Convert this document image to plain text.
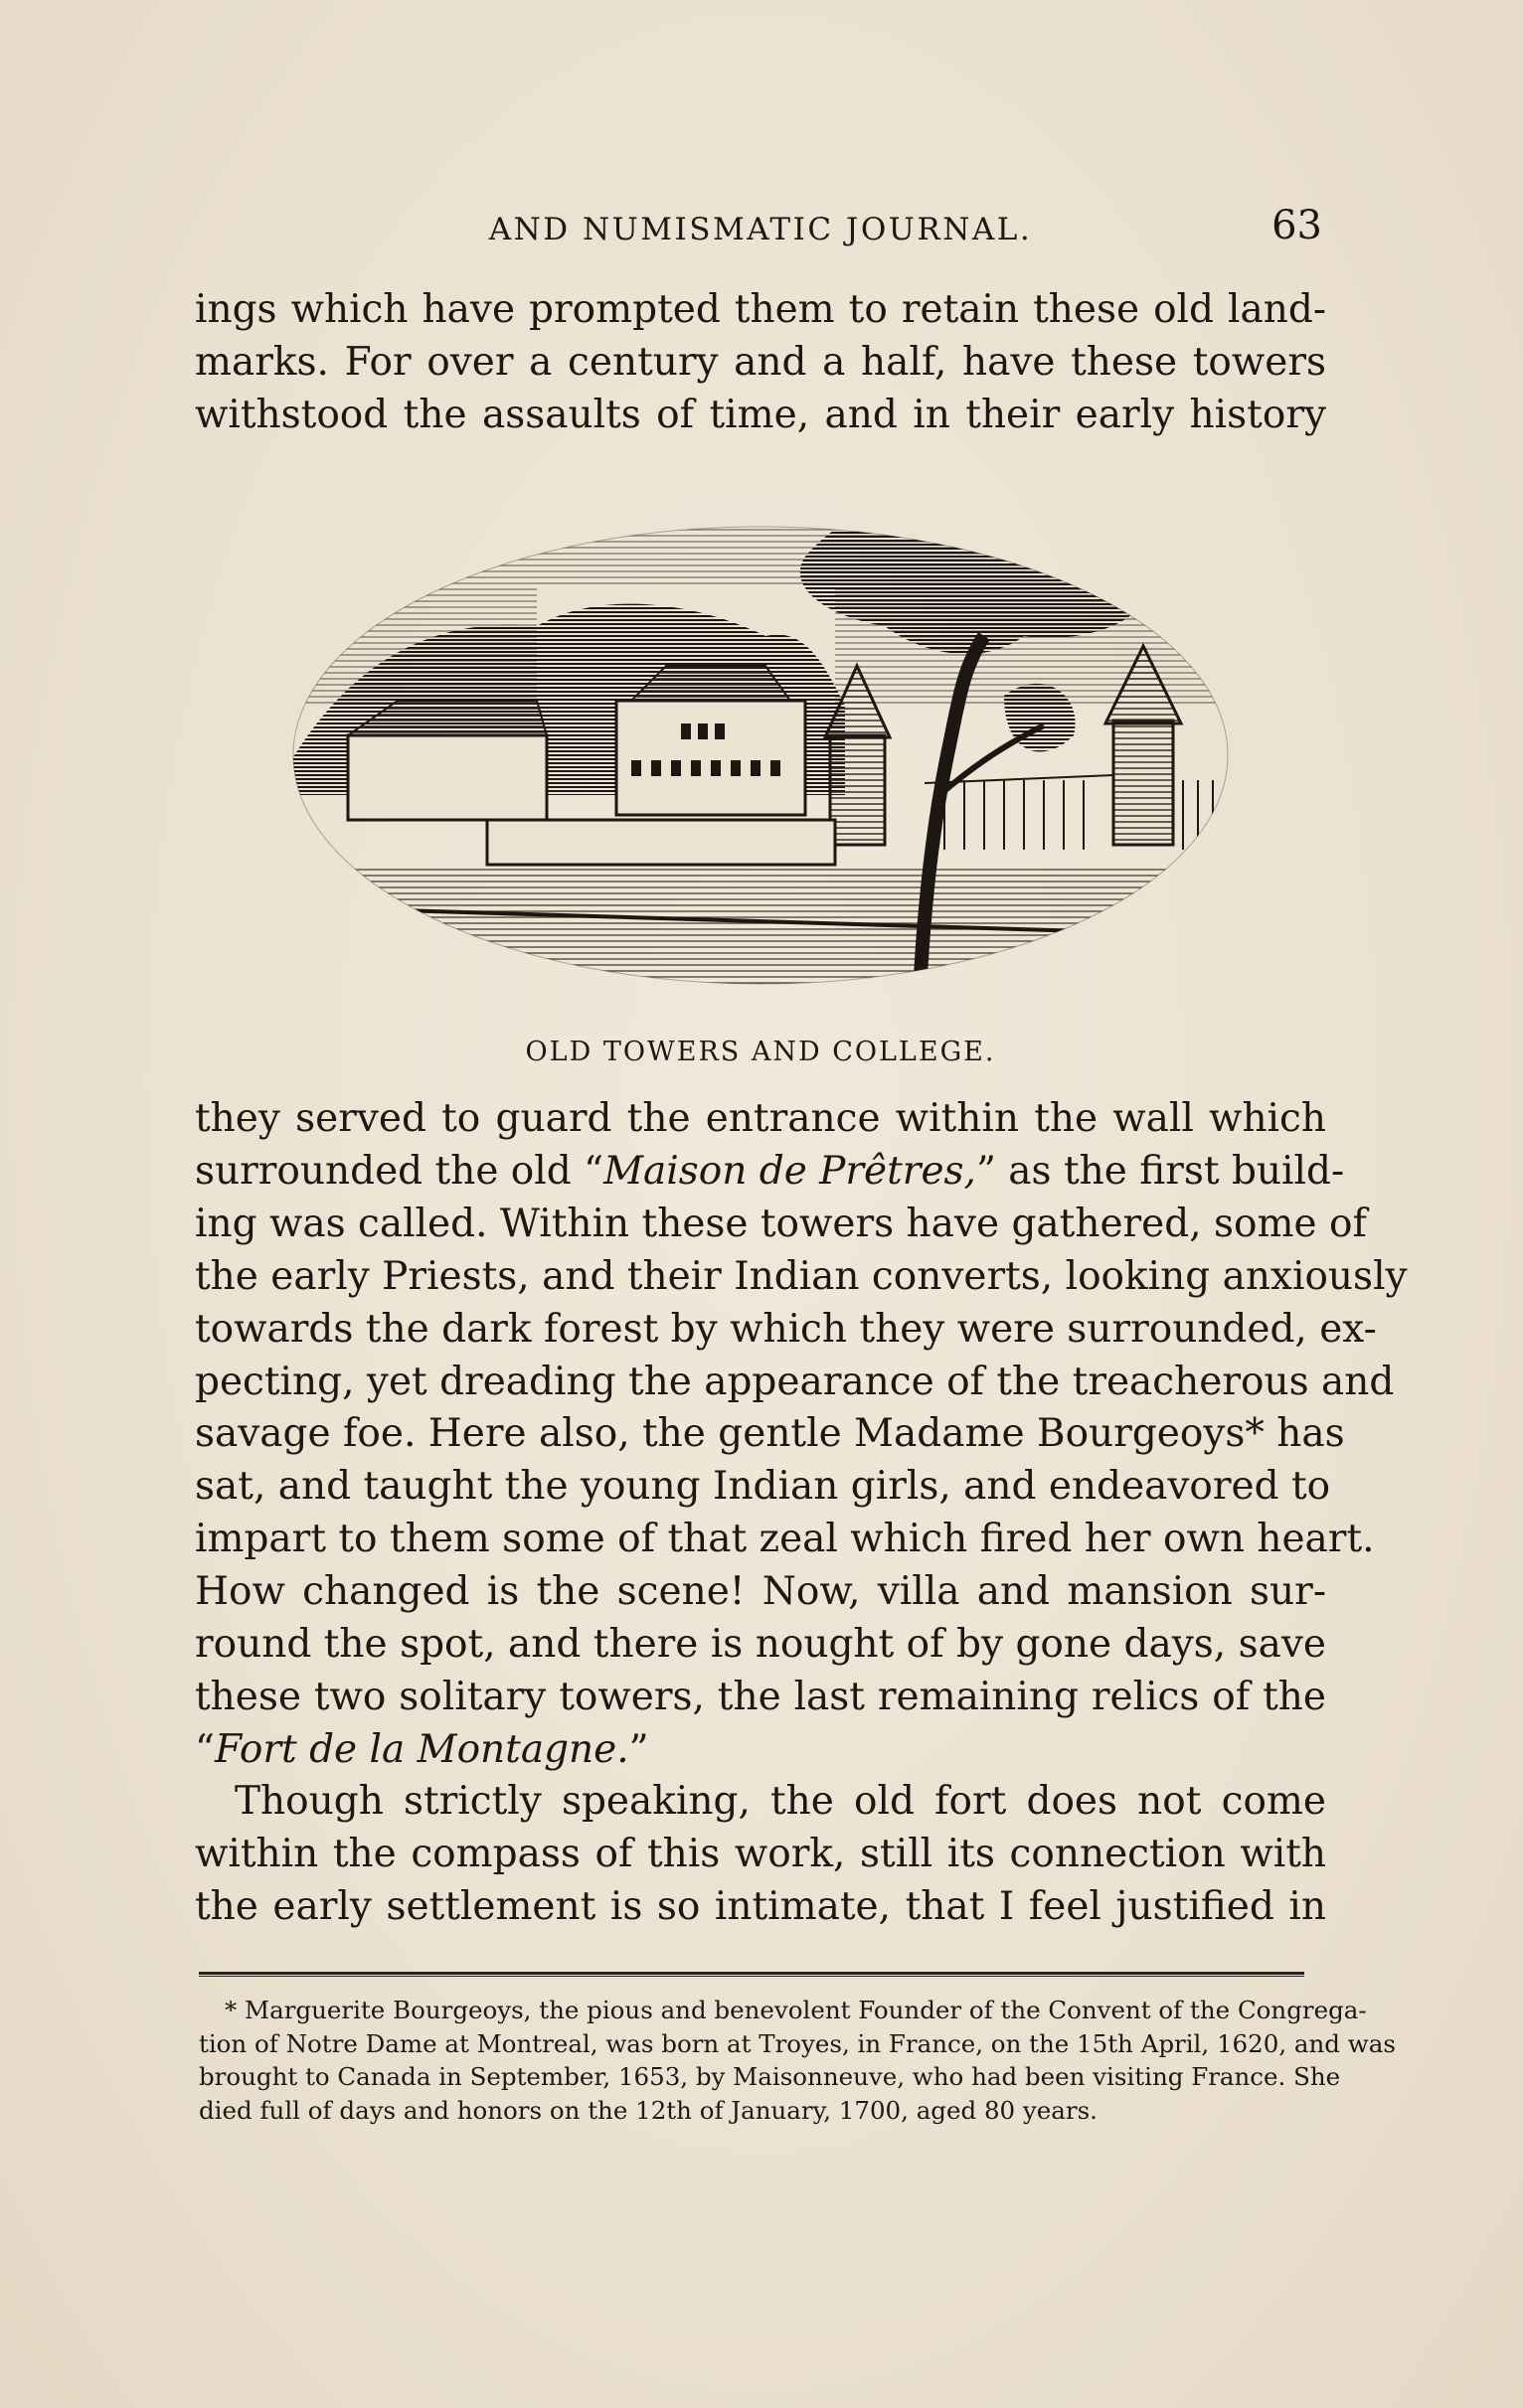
AND NUMISMATIC JOURNAL.	63
ings which have prompted them to retain these old land-
marks. For over a century and a half, have these towers
withstood the assaults of time, and in their early history
OLD TOWERS AND COLLEGE.
they served to guard the entrance within the wall which
surrounded the old “Maison de Prêtres,” as the first build-
ing was called. Within these towers have gathered, some of
the early Priests, and their Indian converts, looking anxiously
towards the dark forest by which they were surrounded, ex-
pecting, yet dreading the appearance of the treacherous and
savage foe. Here also, the gentle Madame Bourgeoys* has
sat, and taught the young Indian girls, and endeavored to
impart to them some of that zeal which fired her own heart.
How changed is the scene! Now, villa and mansion sur-
round the spot, and there is nought of by gone days, save
these two solitary towers, the last remaining relics of the
“Fort de la Montagne.”
Though strictly speaking, the old fort does not come
within the compass of this work, still its connection with
the early settlement is so intimate, that I feel justified in
* Marguerite Bourgeoys, the pious and benevolent Founder of the Convent of the Congrega-
tion of Notre Dame at Montreal, was born at Troyes, in France, on the 15th April, 1620, and was
brought to Canada in September, 1653, by Maisonneuve, who had been visiting France. She
died full of days and honors on the 12th of January, 1700, aged 80 years.
